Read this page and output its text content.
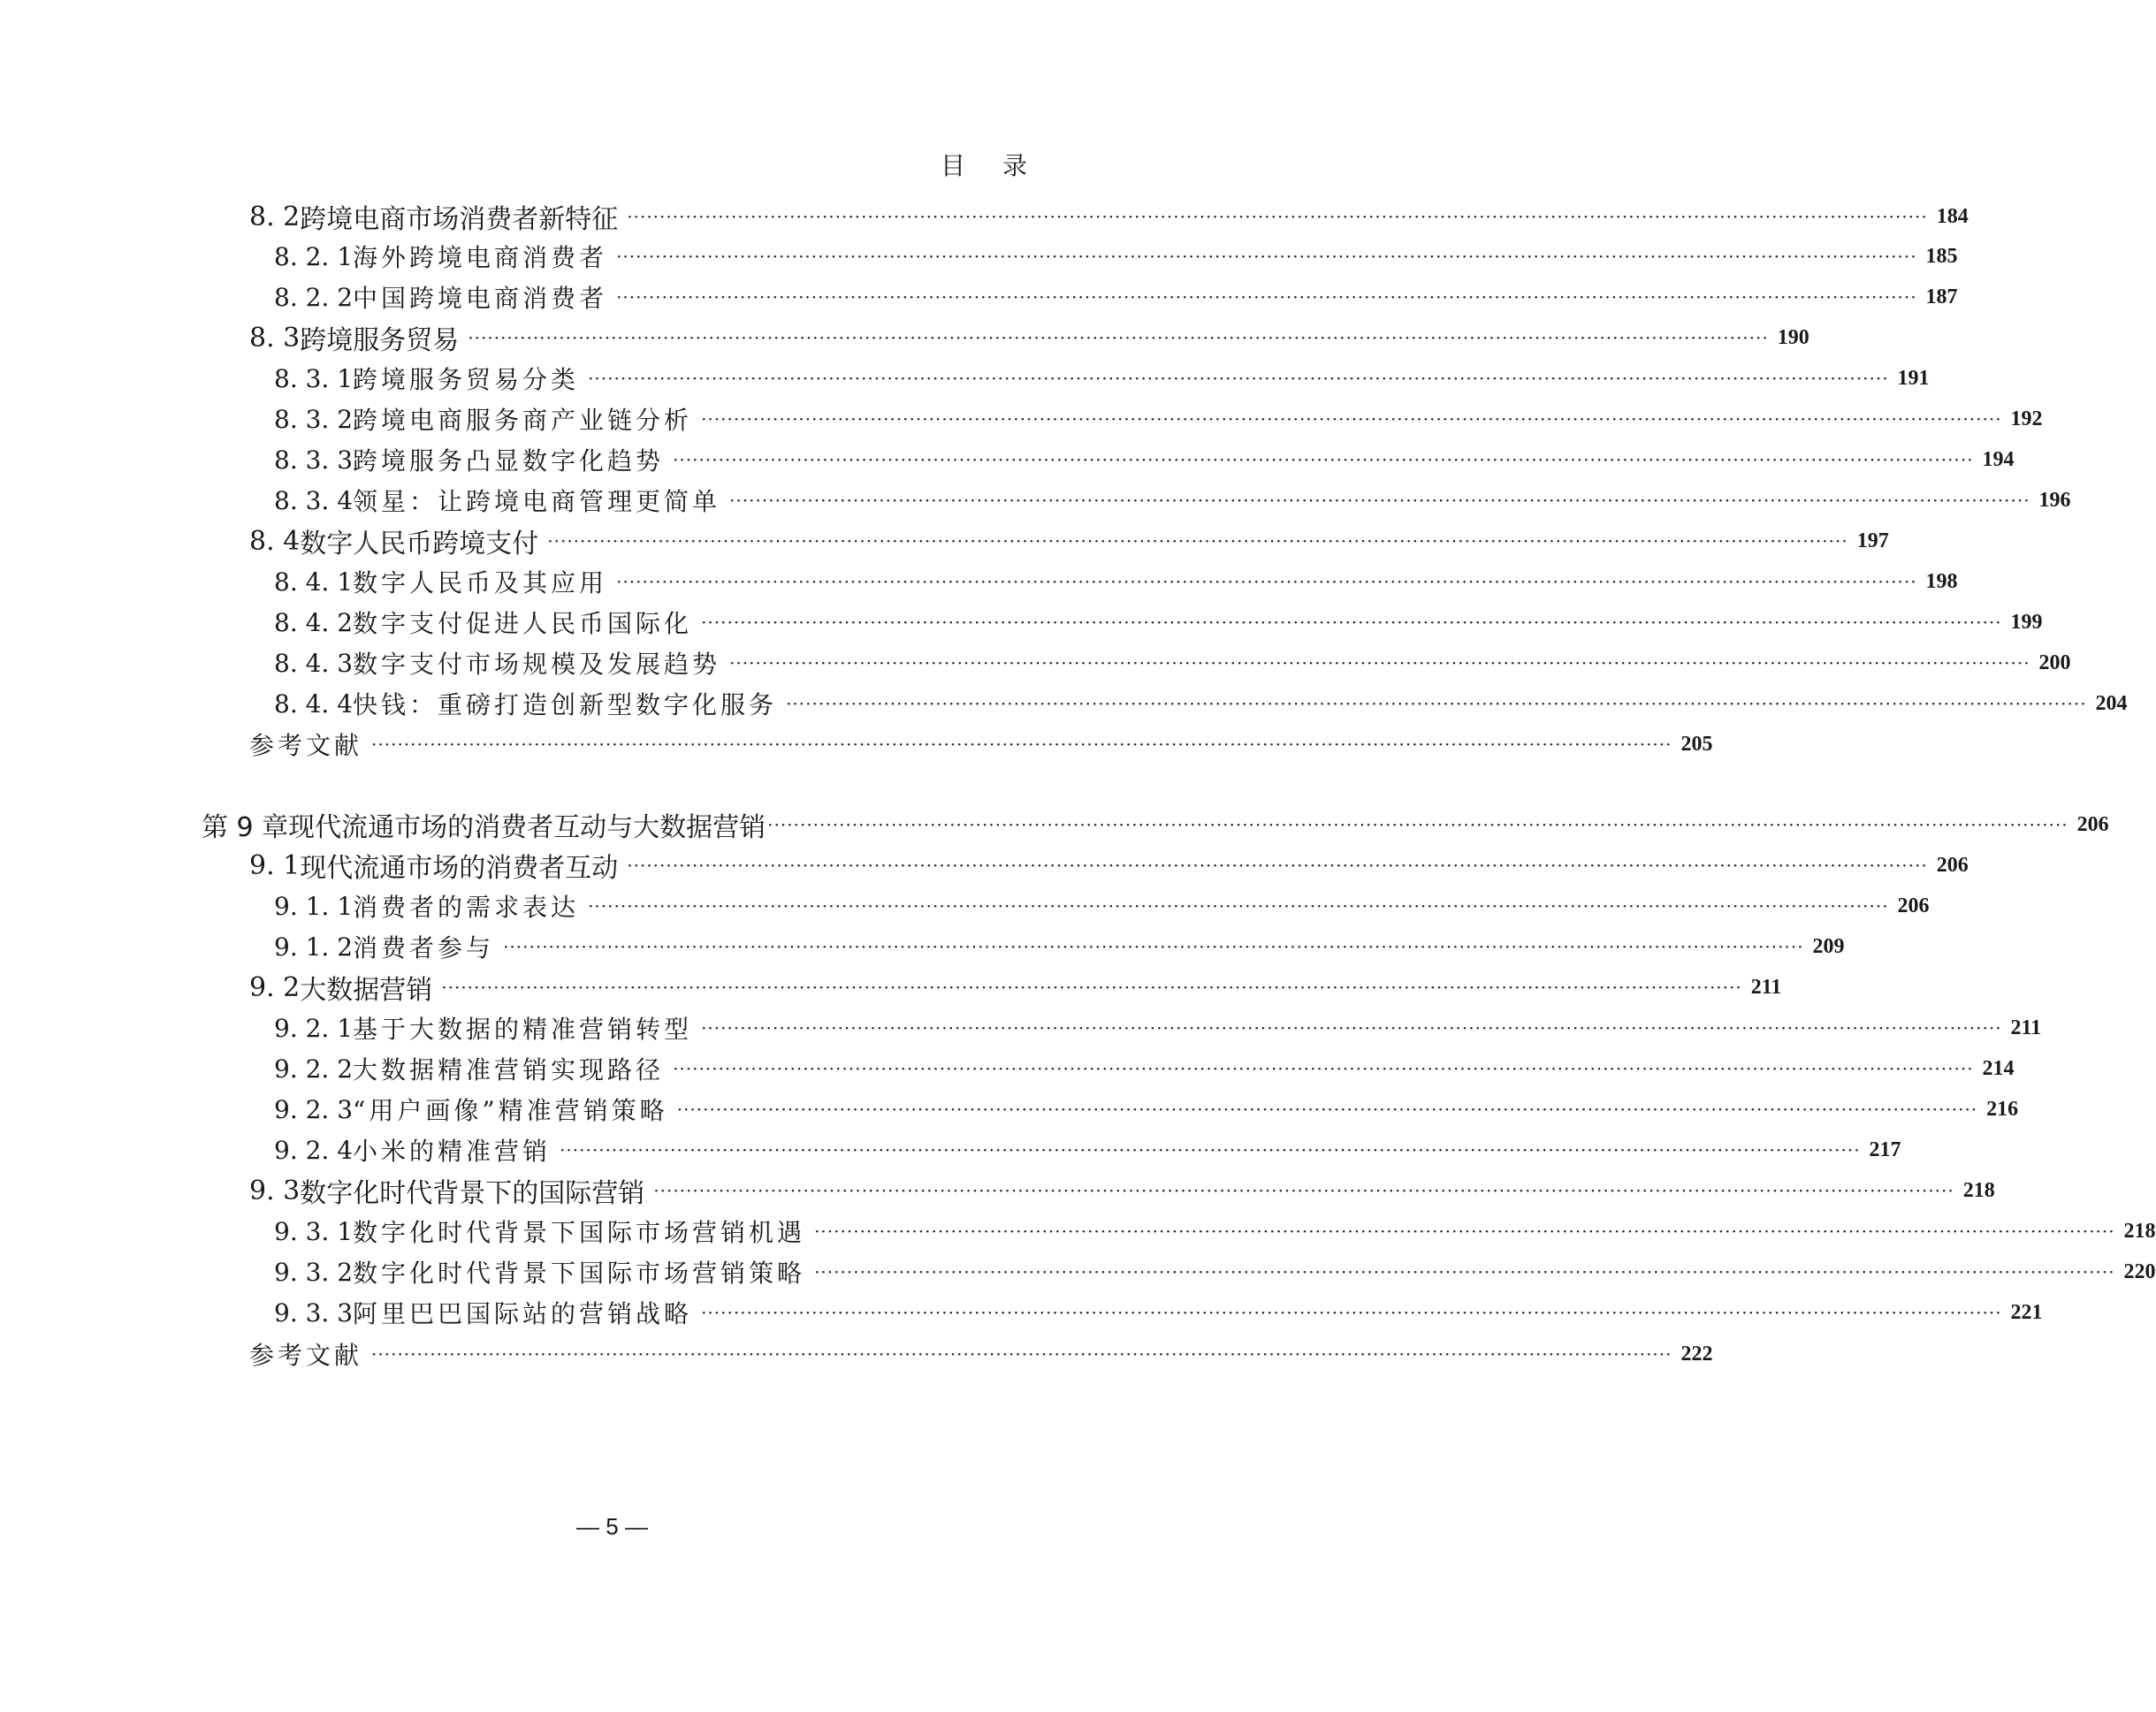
目 录
8. 2 跨境电商市场消费者新特征 ········································································································································································································ 184
8. 2. 1 海外跨境电商消费者 ········································································································································································································ 185
8. 2. 2 中国跨境电商消费者 ········································································································································································································ 187
8. 3 跨境服务贸易 ········································································································································································································ 190
8. 3. 1 跨境服务贸易分类 ········································································································································································································ 191
8. 3. 2 跨境电商服务商产业链分析 ········································································································································································································ 192
8. 3. 3 跨境服务凸显数字化趋势 ········································································································································································································ 194
8. 3. 4 领星：让跨境电商管理更简单 ········································································································································································································ 196
8. 4 数字人民币跨境支付 ········································································································································································································ 197
8. 4. 1 数字人民币及其应用 ········································································································································································································ 198
8. 4. 2 数字支付促进人民币国际化 ········································································································································································································ 199
8. 4. 3 数字支付市场规模及发展趋势 ········································································································································································································ 200
8. 4. 4 快钱：重磅打造创新型数字化服务 ········································································································································································································ 204
参考文献 ········································································································································································································ 205
第 9 章 现代流通市场的消费者互动与大数据营销 ········································································································································································································ 206
9. 1 现代流通市场的消费者互动 ········································································································································································································ 206
9. 1. 1 消费者的需求表达 ········································································································································································································ 206
9. 1. 2 消费者参与 ········································································································································································································ 209
9. 2 大数据营销 ········································································································································································································ 211
9. 2. 1 基于大数据的精准营销转型 ········································································································································································································ 211
9. 2. 2 大数据精准营销实现路径 ········································································································································································································ 214
9. 2. 3 “用户画像”精准营销策略 ········································································································································································································ 216
9. 2. 4 小米的精准营销 ········································································································································································································ 217
9. 3 数字化时代背景下的国际营销 ········································································································································································································ 218
9. 3. 1 数字化时代背景下国际市场营销机遇 ········································································································································································································ 218
9. 3. 2 数字化时代背景下国际市场营销策略 ········································································································································································································ 220
9. 3. 3 阿里巴巴国际站的营销战略 ········································································································································································································ 221
参考文献 ········································································································································································································ 222
— 5 —
